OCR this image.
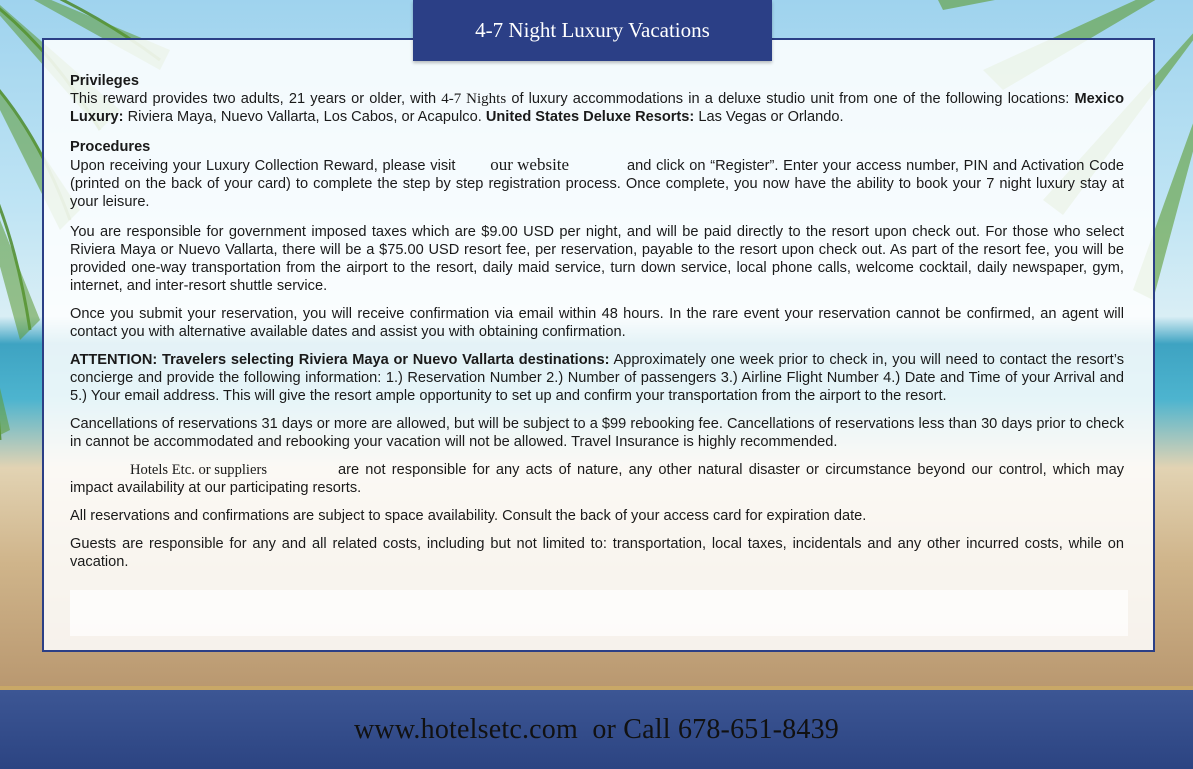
4-7 Night Luxury Vacations

Privileges

This reward provides two adults, 21 years or older, with 4-7 Nights of luxury accommodations in a deluxe studio unit from one of the following locations: Mexico Luxury: Riviera Maya, Nuevo Vallarta, Los Cabos, or Acapulco. United States Deluxe Resorts: Las Vegas or Orlando.

Procedures

Upon receiving your Luxury Collection Reward, please visit our website	and click on “Register”. Enter your access number, PIN and Activation Code (printed on the back of your card) to complete the step by step registration process. Once complete, you now have the ability to book your 7 night luxury stay at your leisure.

You are responsible for government imposed taxes which are $9.00 USD per night, and will be paid directly to the resort upon check out. For those who select Riviera Maya or Nuevo Vallarta, there will be a $75.00 USD resort fee, per reservation, payable to the resort upon check out. As part of the resort fee, you will be provided one-way transportation from the airport to the resort, daily maid service, turn down service, local phone calls, welcome cocktail, daily newspaper, gym, internet, and inter-resort shuttle service.

Once you submit your reservation, you will receive confirmation via email within 48 hours. In the rare event your reservation cannot be confirmed, an agent will contact you with alternative available dates and assist you with obtaining confirmation.

ATTENTION: Travelers selecting Riviera Maya or Nuevo Vallarta destinations: Approximately one week prior to check in, you will need to contact the resort’s concierge and provide the following information: 1.) Reservation Number 2.) Number of passengers 3.) Airline Flight Number 4.) Date and Time of your Arrival and 5.) Your email address. This will give the resort ample opportunity to set up and confirm your transportation from the airport to the resort.

Cancellations of reservations 31 days or more are allowed, but will be subject to a $99 rebooking fee. Cancellations of reservations less than 30 days prior to check in cannot be accommodated and rebooking your vacation will not be allowed. Travel Insurance is highly recommended.

Hotels Etc. or suppliers	are not responsible for any acts of nature, any other natural disaster or circumstance beyond our control, which may impact availability at our participating resorts.

All reservations and confirmations are subject to space availability. Consult the back of your access card for expiration date.

Guests are responsible for any and all related costs, including but not limited to: transportation, local taxes, incidentals and any other incurred costs, while on vacation.

www.hotelsetc.com  or Call 678-651-8439
